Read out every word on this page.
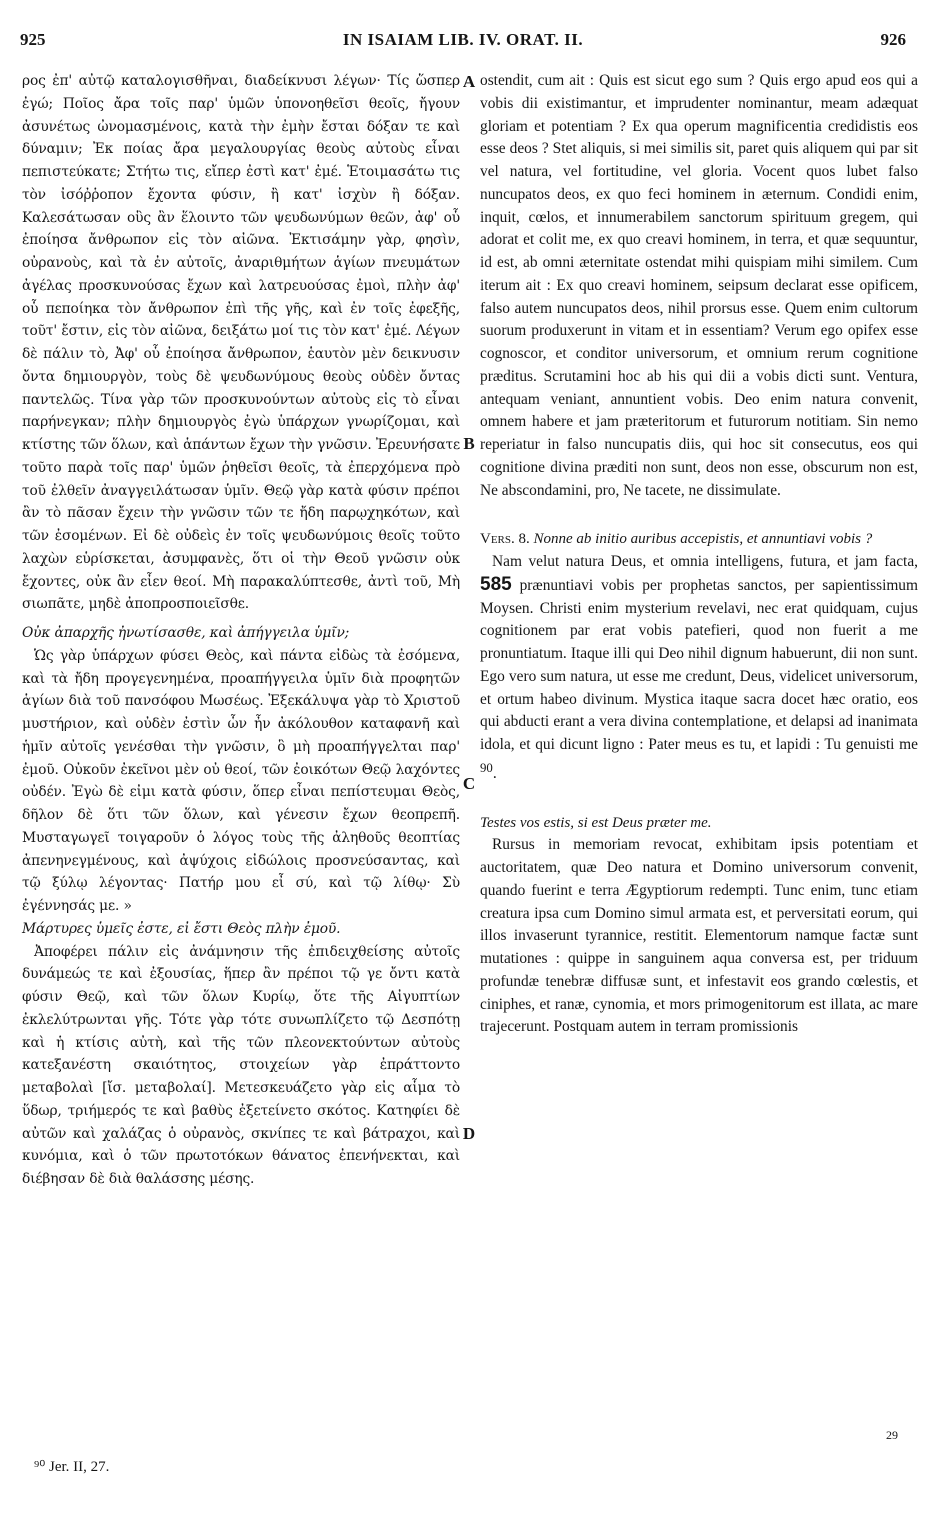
925	IN ISAIAM LIB. IV. ORAT. II.	926
A
B
C
D

ρος ἐπ' αὐτῷ καταλογισθῆναι, διαδείκνυσι λέγων· Τίς ὥσπερ ἐγώ; Ποῖος ἄρα τοῖς παρ' ὑμῶν ὑπονοηθεῖσι θεοῖς, ἤγουν ἀσυνέτως ὠνομασμένοις, κατὰ τὴν ἐμὴν ἔσται δόξαν τε καὶ δύναμιν; Ἐκ ποίας ἄρα μεγαλουργίας θεοὺς αὐτοὺς εἶναι πεπιστεύκατε; Στήτω τις, εἴπερ ἐστὶ κατ' ἐμέ. Ἑτοιμασάτω τις τὸν ἰσόῤῥοπον ἔχοντα φύσιν, ἢ κατ' ἰσχὺν ἢ δόξαν. Καλεσάτωσαν οὓς ἂν ἕλοιντο τῶν ψευδωνύμων θεῶν, ἀφ' οὗ ἐποίησα ἄνθρωπον εἰς τὸν αἰῶνα. Ἐκτισάμην γὰρ, φησὶν, οὐρανοὺς, καὶ τὰ ἐν αὐτοῖς, ἀναριθμήτων ἁγίων πνευμάτων ἀγέλας προσκυνούσας ἔχων καὶ λατρευούσας ἐμοὶ, πλὴν ἀφ' οὗ πεποίηκα τὸν ἄνθρωπον ἐπὶ τῆς γῆς, καὶ ἐν τοῖς ἐφεξῆς, τοῦτ' ἔστιν, εἰς τὸν αἰῶνα, δειξάτω μοί τις τὸν κατ' ἐμέ. Λέγων δὲ πάλιν τὸ, Ἀφ' οὗ ἐποίησα ἄνθρωπον, ἑαυτὸν μὲν δεικνυσιν ὄντα δημιουργὸν, τοὺς δὲ ψευδωνύμους θεοὺς οὐδὲν ὄντας παντελῶς. Τίνα γὰρ τῶν προσκυνούντων αὐτοὺς εἰς τὸ εἶναι παρήνεγκαν; πλὴν δημιουργὸς ἐγὼ ὑπάρχων γνωρίζομαι, καὶ κτίστης τῶν ὅλων, καὶ ἁπάντων ἔχων τὴν γνῶσιν. Ἐρευνήσατε τοῦτο παρὰ τοῖς παρ' ὑμῶν ῥηθεῖσι θεοῖς, τὰ ἐπερχόμενα πρὸ τοῦ ἐλθεῖν ἀναγγειλάτωσαν ὑμῖν. Θεῷ γὰρ κατὰ φύσιν πρέποι ἂν τὸ πᾶσαν ἔχειν τὴν γνῶσιν τῶν τε ἤδη παρῳχηκότων, καὶ τῶν ἐσομένων. Εἰ δὲ οὐδεὶς ἐν τοῖς ψευδωνύμοις θεοῖς τοῦτο λαχὼν εὑρίσκεται, ἀσυμφανὲς, ὅτι οἱ τὴν Θεοῦ γνῶσιν οὐκ ἔχοντες, οὐκ ἂν εἶεν θεοί. Μὴ παρακαλύπτεσθε, ἀντὶ τοῦ, Μὴ σιωπᾶτε, μηδὲ ἀποπροσποιεῖσθε.

Οὐκ ἀπαρχῆς ἠνωτίσασθε, καὶ ἀπήγγειλα ὑμῖν;

Ὡς γὰρ ὑπάρχων φύσει Θεὸς, καὶ πάντα εἰδὼς τὰ ἐσόμενα, καὶ τὰ ἤδη προγεγενημένα, προαπήγγειλα ὑμῖν διὰ προφητῶν ἁγίων διὰ τοῦ πανσόφου Μωσέως. Ἐξεκάλυψα γὰρ τὸ Χριστοῦ μυστήριον, καὶ οὐδὲν ἐστὶν ὧν ἦν ἀκόλουθον καταφανῆ καὶ ἡμῖν αὐτοῖς γενέσθαι τὴν γνῶσιν, ὃ μὴ προαπήγγελται παρ' ἐμοῦ. Οὐκοῦν ἐκεῖνοι μὲν οὐ θεοί, τῶν ἐοικότων Θεῷ λαχόντες οὐδέν. Ἐγὼ δὲ εἰμι κατὰ φύσιν, ὅπερ εἶναι πεπίστευμαι Θεὸς, δῆλον δὲ ὅτι τῶν ὅλων, καὶ γένεσιν ἔχων θεοπρεπῆ. Μυσταγωγεῖ τοιγαροῦν ὁ λόγος τοὺς τῆς ἀληθοῦς θεοπτίας ἀπενηνεγμένους, καὶ ἀψύχοις εἰδώλοις προσνεύσαντας, καὶ τῷ ξύλῳ λέγοντας· Πατήρ μου εἶ σύ, καὶ τῷ λίθῳ· Σὺ ἐγέννησάς με. »

Μάρτυρες ὑμεῖς ἐστε, εἰ ἔστι Θεὸς πλὴν ἐμοῦ.

Ἀποφέρει πάλιν εἰς ἀνάμνησιν τῆς ἐπιδειχθείσης αὐτοῖς δυνάμεώς τε καὶ ἐξουσίας, ἥπερ ἂν πρέποι τῷ γε ὄντι κατὰ φύσιν Θεῷ, καὶ τῶν ὅλων Κυρίῳ, ὅτε τῆς Αἰγυπτίων ἐκλελύτρωνται γῆς. Τότε γὰρ τότε συνωπλίζετο τῷ Δεσπότῃ καὶ ἡ κτίσις αὐτὴ, καὶ τῆς τῶν πλεονεκτούντων αὐτοὺς κατεξανέστη σκαιότητος, στοιχείων γὰρ ἐπράττοντο μεταβολαὶ [ἴσ. μεταβολαί]. Μετεσκευάζετο γὰρ εἰς αἷμα τὸ ὕδωρ, τριήμερός τε καὶ βαθὺς ἐξετείνετο σκότος. Κατηφίει δὲ αὐτῶν καὶ χαλάζας ὁ οὐρανὸς, σκνίπες τε καὶ βάτραχοι, καὶ κυνόμια, καὶ ὁ τῶν πρωτοτόκων θάνατος ἐπενήνεκται, καὶ διέβησαν δὲ διὰ θαλάσσης μέσης.

ostendit, cum ait : Quis est sicut ego sum ? Quis ergo apud eos qui a vobis dii existimantur, et imprudenter nominantur, meam adæquat gloriam et potentiam ? Ex qua operum magnificentia credidistis eos esse deos ? Stet aliquis, si mei similis sit, paret quis aliquem qui par sit vel natura, vel fortitudine, vel gloria. Vocent quos lubet falso nuncupatos deos, ex quo feci hominem in æternum. Condidi enim, inquit, cœlos, et innumerabilem sanctorum spirituum gregem, qui adorat et colit me, ex quo creavi hominem, in terra, et quæ sequuntur, id est, ab omni æternitate ostendat mihi quispiam mihi similem. Cum iterum ait : Ex quo creavi hominem, seipsum declarat esse opificem, falso autem nuncupatos deos, nihil prorsus esse. Quem enim cultorum suorum produxerunt in vitam et in essentiam? Verum ego opifex esse cognoscor, et conditor universorum, et omnium rerum cognitione præditus. Scrutamini hoc ab his qui dii a vobis dicti sunt. Ventura, antequam veniant, annuntient vobis. Deo enim natura convenit, omnem habere et jam præteritorum et futurorum notitiam. Sin nemo reperiatur in falso nuncupatis diis, qui hoc sit consecutus, eos qui cognitione divina præditi non sunt, deos non esse, obscurum non est, Ne abscondamini, pro, Ne tacete, ne dissimulate.

Vers. 8. Nonne ab initio auribus accepistis, et annuntiavi vobis ?

Nam velut natura Deus, et omnia intelligens, futura, et jam facta, 585 prænuntiavi vobis per prophetas sanctos, per sapientissimum Moysen. Christi enim mysterium revelavi, nec erat quidquam, cujus cognitionem par erat vobis patefieri, quod non fuerit a me pronuntiatum. Itaque illi qui Deo nihil dignum habuerunt, dii non sunt. Ego vero sum natura, ut esse me credunt, Deus, videlicet universorum, et ortum habeo divinum. Mystica itaque sacra docet hæc oratio, eos qui abducti erant a vera divina contemplatione, et delapsi ad inanimata idola, et qui dicunt ligno : Pater meus es tu, et lapidi : Tu genuisti me $^{90}$.

Testes vos estis, si est Deus præter me.

Rursus in memoriam revocat, exhibitam ipsis potentiam et auctoritatem, quæ Deo natura et Domino universorum convenit, quando fuerint e terra Ægyptiorum redempti. Tunc enim, tunc etiam creatura ipsa cum Domino simul armata est, et perversitati eorum, qui illos invaserunt tyrannice, restitit. Elementorum namque factæ sunt mutationes : quippe in sanguinem aqua conversa est, per triduum profundæ tenebræ diffusæ sunt, et infestavit eos grando cœlestis, et ciniphes, et ranæ, cynomia, et mors primogenitorum est illata, ac mare trajecerunt. Postquam autem in terram promissionis

29
⁹⁰ Jer. II, 27.
